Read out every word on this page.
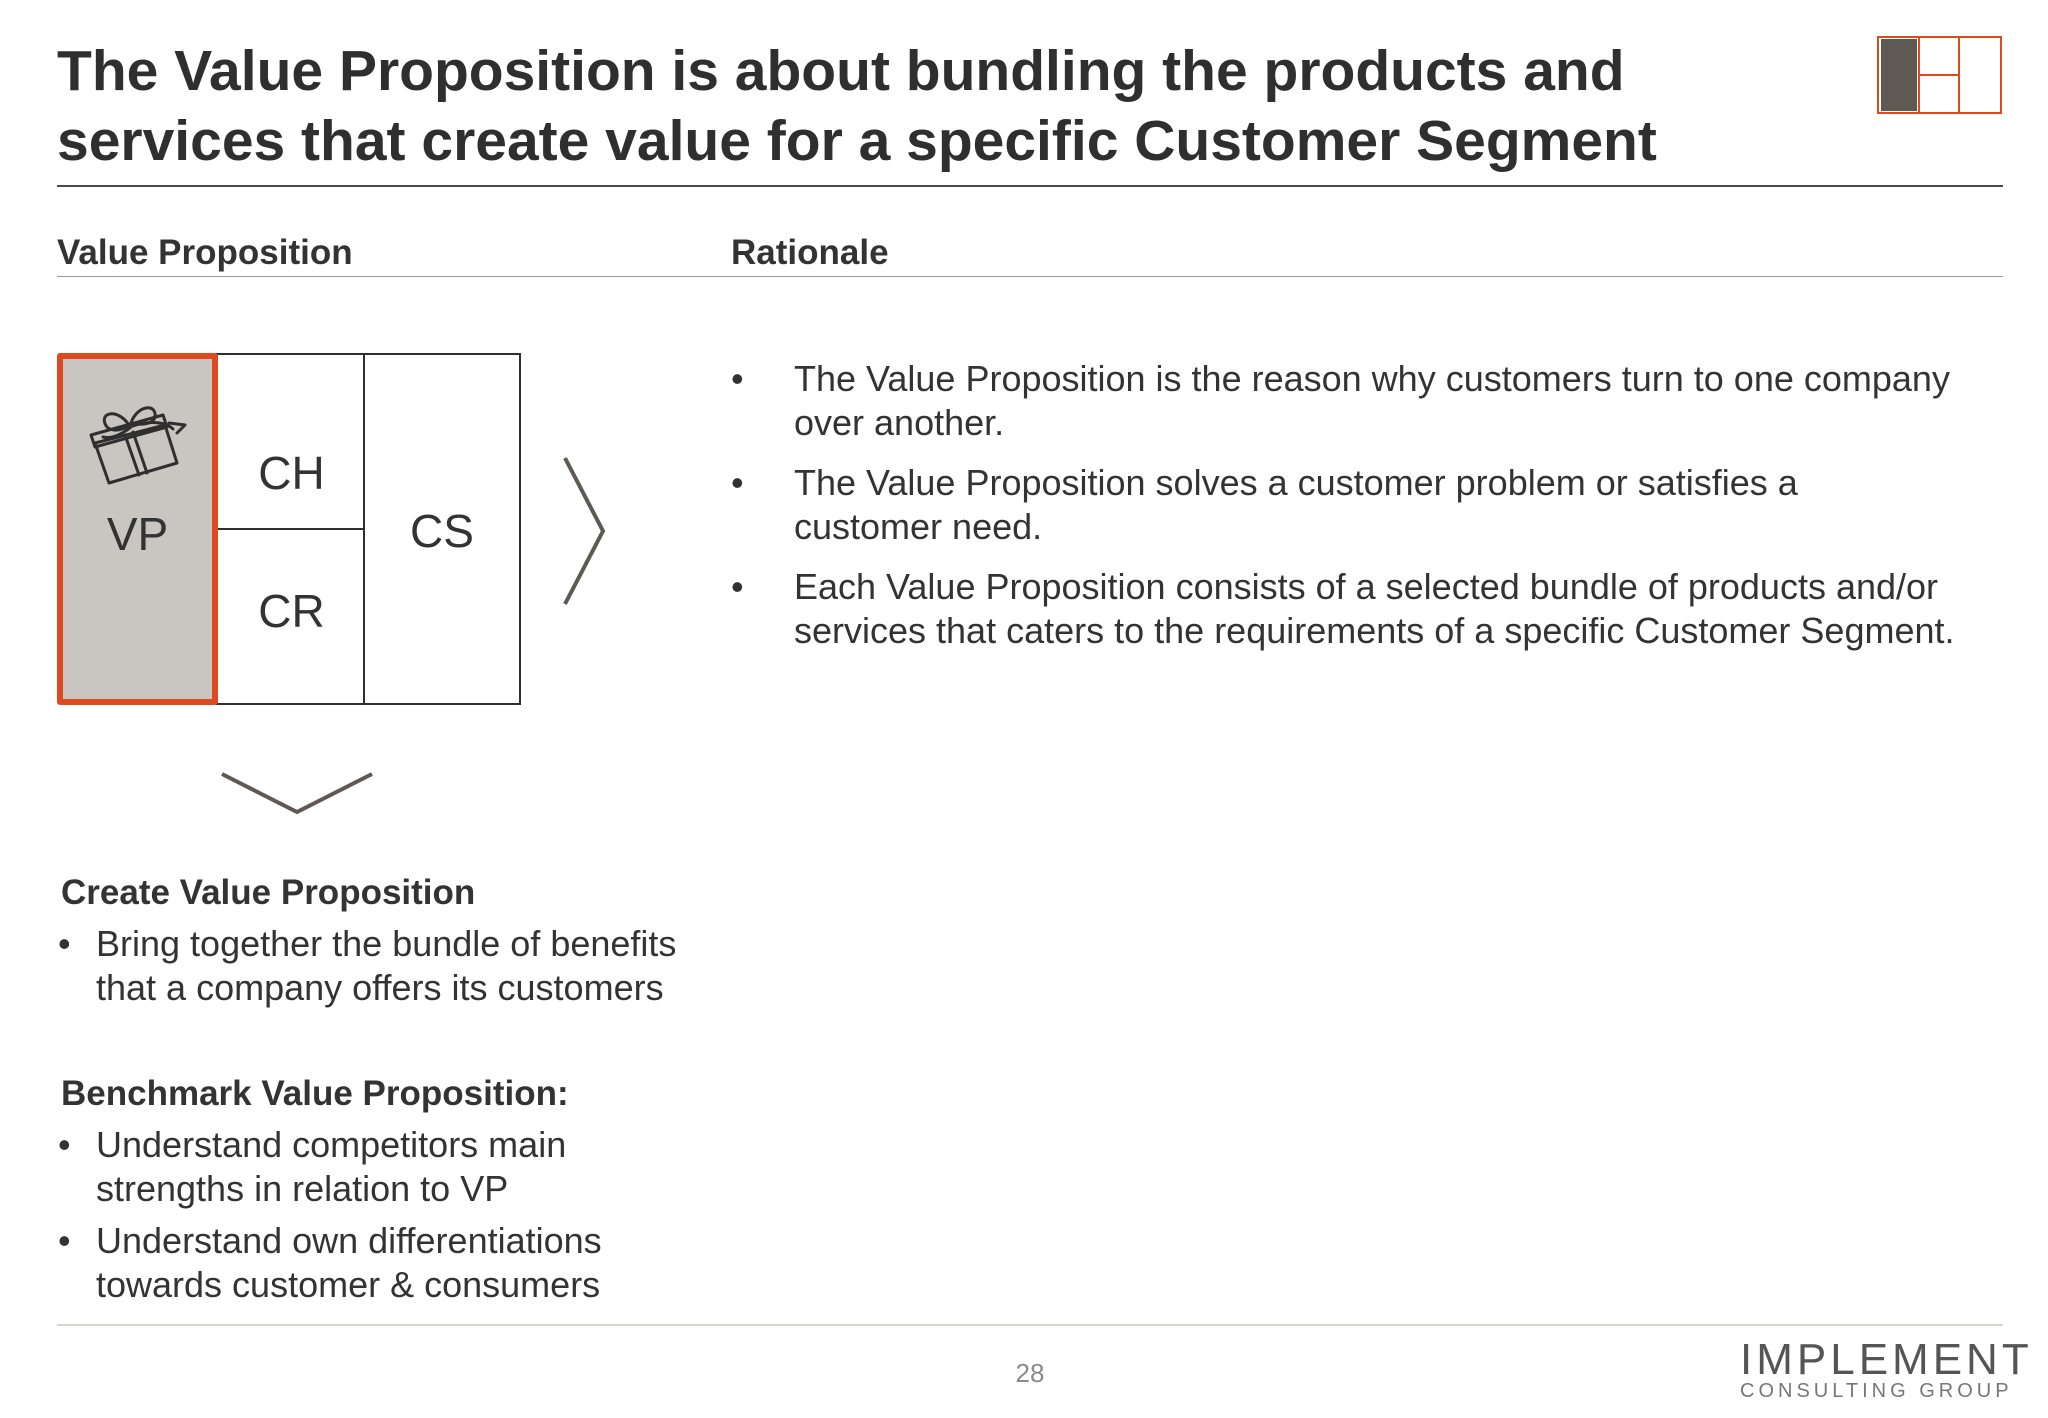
The Value Proposition is about bundling the products and
services that create value for a specific Customer Segment
Value Proposition	Rationale
CH
CR
CS
VP
• The Value Proposition is the reason why customers turn to one company
over another.
• The Value Proposition solves a customer problem or satisfies a
customer need.
• Each Value Proposition consists of a selected bundle of products and/or
services that caters to the requirements of a specific Customer Segment.
Create Value Proposition
• Bring together the bundle of benefits
that a company offers its customers
Benchmark Value Proposition:
• Understand competitors main
strengths in relation to VP
• Understand own differentiations
towards customer & consumers
28	IMPLEMENT
CONSULTING GROUP
